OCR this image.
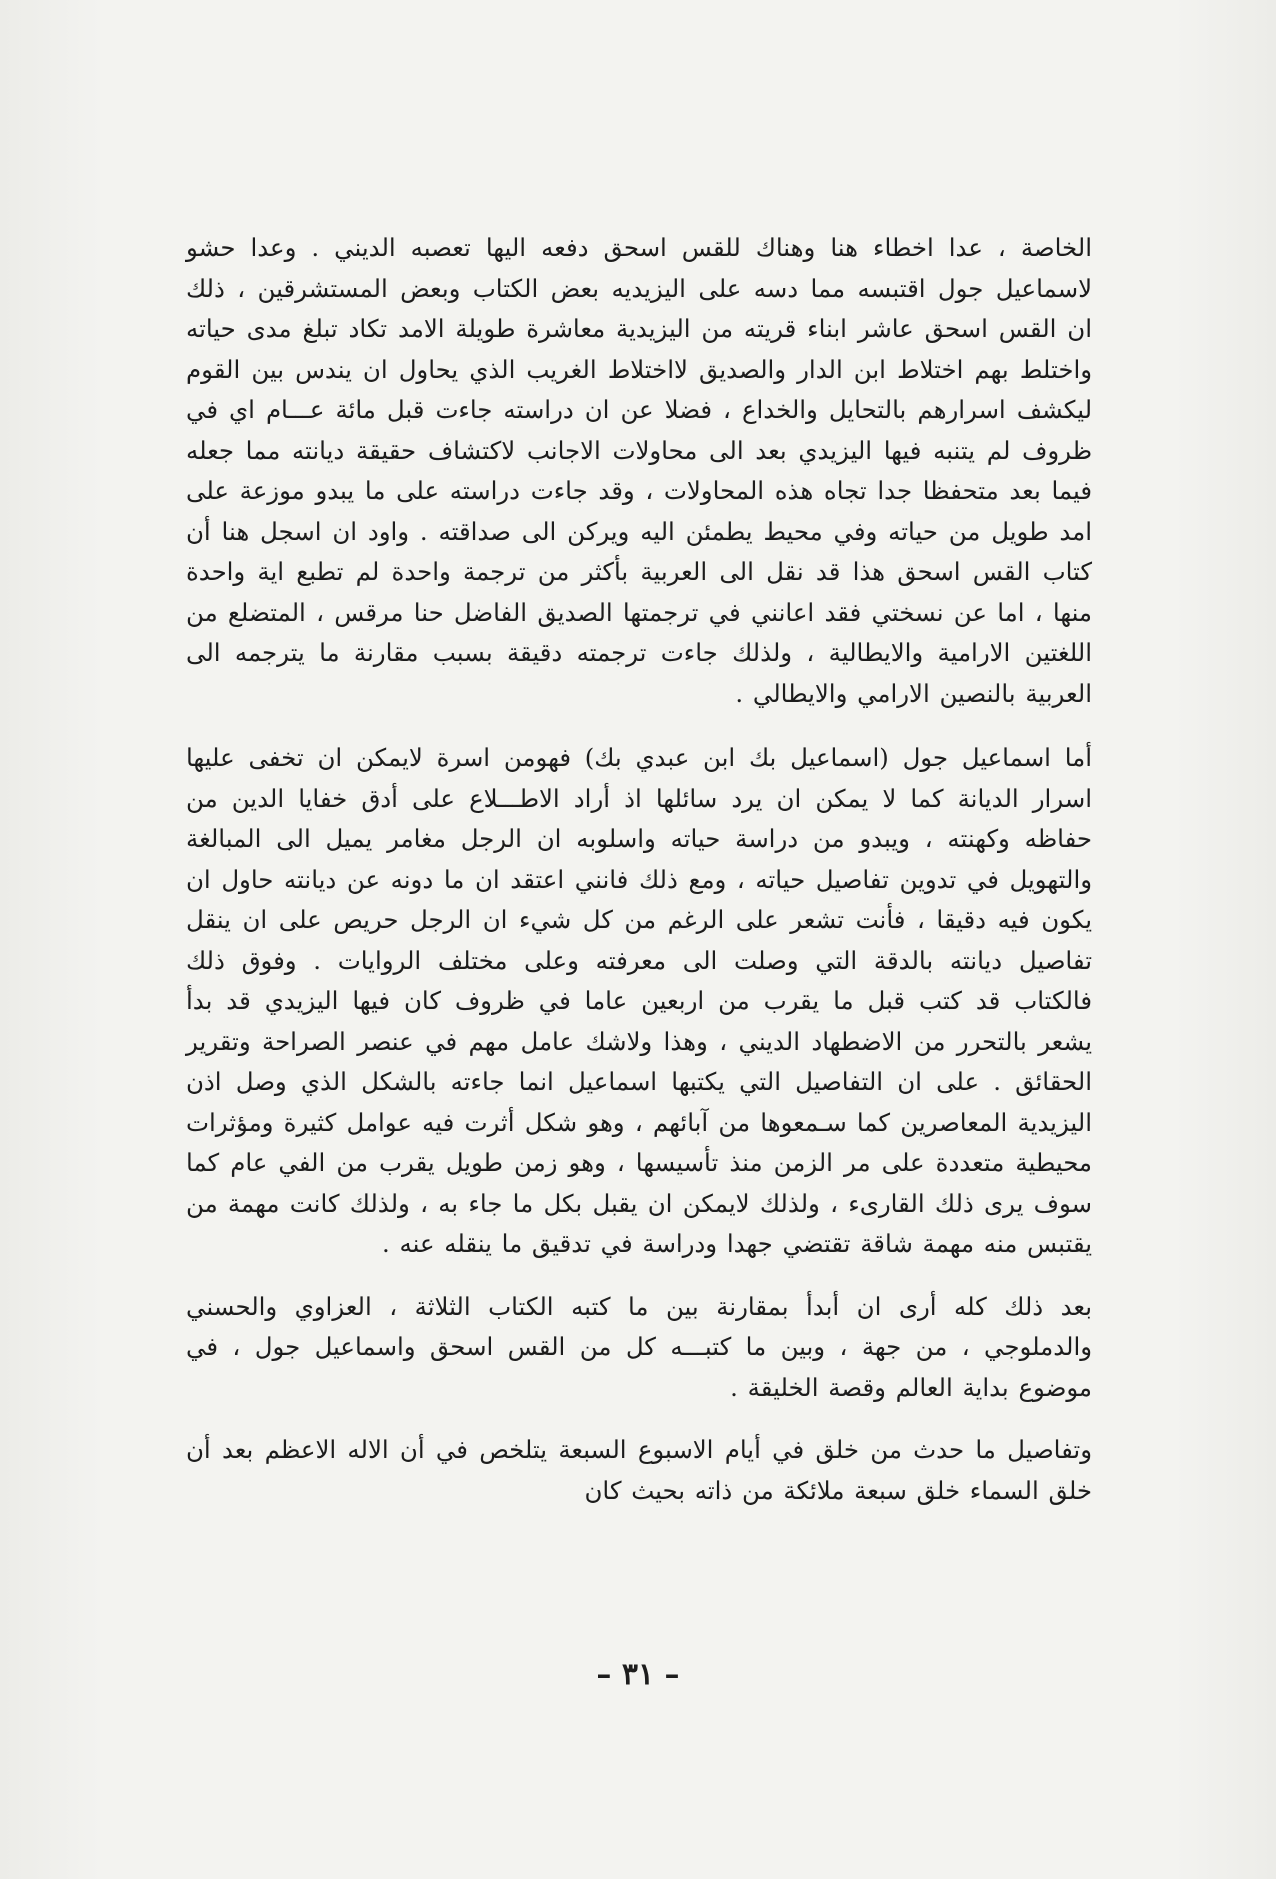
الخاصة ، عدا اخطاء هنا وهناك للقس اسحق دفعه اليها تعصبه الديني . وعدا حشو لاسماعيل جول اقتبسه مما دسه على اليزيديه بعض الكتاب وبعض المستشرقين ، ذلك ان القس اسحق عاشر ابناء قريته من اليزيدية معاشرة طويلة الامد تكاد تبلغ مدى حياته واختلط بهم اختلاط ابن الدار والصديق لااختلاط الغريب الذي يحاول ان يندس بين القوم ليكشف اسرارهم بالتحايل والخداع ، فضلا عن ان دراسته جاءت قبل مائة عـــام اي في ظروف لم يتنبه فيها اليزيدي بعد الى محاولات الاجانب لاكتشاف حقيقة ديانته مما جعله فيما بعد متحفظا جدا تجاه هذه المحاولات ، وقد جاءت دراسته على ما يبدو موزعة على امد طويل من حياته وفي محيط يطمئن اليه ويركن الى صداقته . واود ان اسجل هنا أن كتاب القس اسحق هذا قد نقل الى العربية بأكثر من ترجمة واحدة لم تطبع اية واحدة منها ، اما عن نسختي فقد اعانني في ترجمتها الصديق الفاضل حنا مرقس ، المتضلع من اللغتين الارامية والايطالية ، ولذلك جاءت ترجمته دقيقة بسبب مقارنة ما يترجمه الى العربية بالنصين الارامي والايطالي .

أما اسماعيل جول (اسماعيل بك ابن عبدي بك) فهومن اسرة لايمكن ان تخفى عليها اسرار الديانة كما لا يمكن ان يرد سائلها اذ أراد الاطـــلاع على أدق خفايا الدين من حفاظه وكهنته ، ويبدو من دراسة حياته واسلوبه ان الرجل مغامر يميل الى المبالغة والتهويل في تدوين تفاصيل حياته ، ومع ذلك فانني اعتقد ان ما دونه عن ديانته حاول ان يكون فيه دقيقا ، فأنت تشعر على الرغم من كل شيء ان الرجل حريص على ان ينقل تفاصيل ديانته بالدقة التي وصلت الى معرفته وعلى مختلف الروايات . وفوق ذلك فالكتاب قد كتب قبل ما يقرب من اربعين عاما في ظروف كان فيها اليزيدي قد بدأ يشعر بالتحرر من الاضطهاد الديني ، وهذا ولاشك عامل مهم في عنصر الصراحة وتقرير الحقائق . على ان التفاصيل التي يكتبها اسماعيل انما جاءته بالشكل الذي وصل اذن اليزيدية المعاصرين كما سـمعوها من آبائهم ، وهو شكل أثرت فيه عوامل كثيرة ومؤثرات محيطية متعددة على مر الزمن منذ تأسيسها ، وهو زمن طويل يقرب من الفي عام كما سوف يرى ذلك القارىء ، ولذلك لايمكن ان يقبل بكل ما جاء به ، ولذلك كانت مهمة من يقتبس منه مهمة شاقة تقتضي جهدا ودراسة في تدقيق ما ينقله عنه .

بعد ذلك كله أرى ان أبدأ بمقارنة بين ما كتبه الكتاب الثلاثة ، العزاوي والحسني والدملوجي ، من جهة ، وبين ما كتبـــه كل من القس اسحق واسماعيل جول ، في موضوع بداية العالم وقصة الخليقة .

وتفاصيل ما حدث من خلق في أيام الاسبوع السبعة يتلخص في أن الاله الاعظم بعد أن خلق السماء خلق سبعة ملائكة من ذاته بحيث كان

– ٣١ –
